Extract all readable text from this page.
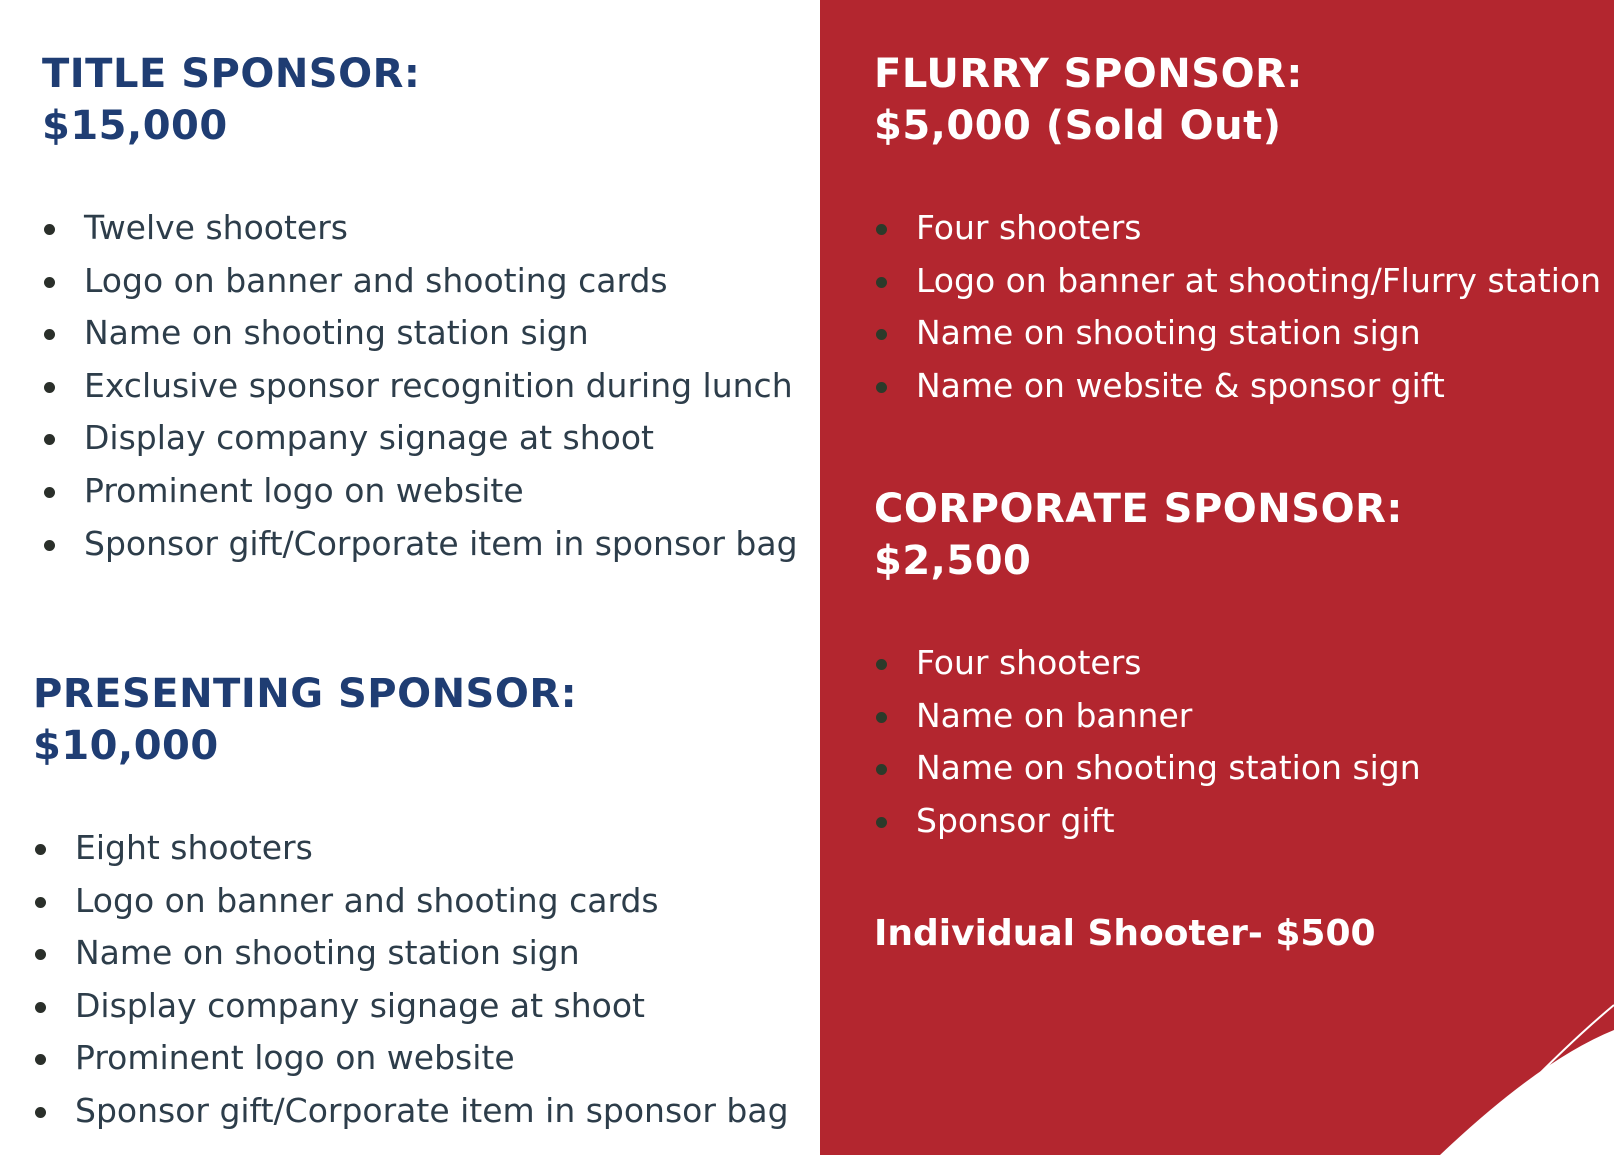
TITLE SPONSOR:
$15,000
Twelve shooters
Logo on banner and shooting cards
Name on shooting station sign
Exclusive sponsor recognition during lunch
Display company signage at shoot
Prominent logo on website
Sponsor gift/Corporate item in sponsor bag
PRESENTING SPONSOR:
$10,000
Eight shooters
Logo on banner and shooting cards
Name on shooting station sign
Display company signage at shoot
Prominent logo on website
Sponsor gift/Corporate item in sponsor bag
FLURRY SPONSOR:
$5,000 (Sold Out)
Four shooters
Logo on banner at shooting/Flurry station
Name on shooting station sign
Name on website & sponsor gift
CORPORATE SPONSOR:
$2,500
Four shooters
Name on banner
Name on shooting station sign
Sponsor gift
Individual Shooter- $500
